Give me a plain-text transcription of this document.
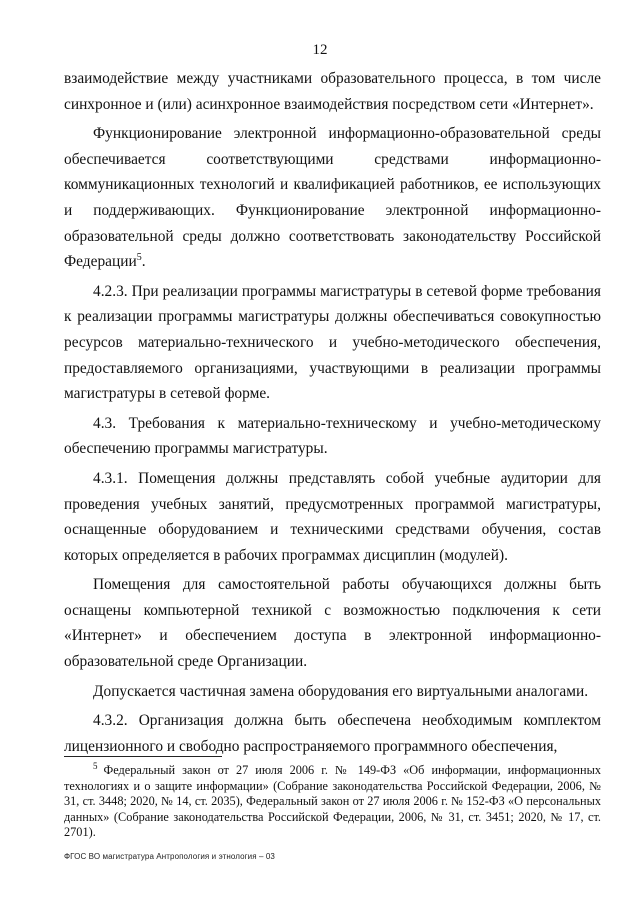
12

взаимодействие между участниками образовательного процесса, в том числе синхронное и (или) асинхронное взаимодействия посредством сети «Интернет».

Функционирование электронной информационно-образовательной среды обеспечивается соответствующими средствами информационно-коммуникационных технологий и квалификацией работников, ее использующих и поддерживающих. Функционирование электронной информационно-образовательной среды должно соответствовать законодательству Российской Федерации$^5$.

4.2.3. При реализации программы магистратуры в сетевой форме требования к реализации программы магистратуры должны обеспечиваться совокупностью ресурсов материально-технического и учебно-методического обеспечения, предоставляемого организациями, участвующими в реализации программы магистратуры в сетевой форме.

4.3. Требования к материально-техническому и учебно-методическому обеспечению программы магистратуры.

4.3.1. Помещения должны представлять собой учебные аудитории для проведения учебных занятий, предусмотренных программой магистратуры, оснащенные оборудованием и техническими средствами обучения, состав которых определяется в рабочих программах дисциплин (модулей).

Помещения для самостоятельной работы обучающихся должны быть оснащены компьютерной техникой с возможностью подключения к сети «Интернет» и обеспечением доступа в электронной информационно-образовательной среде Организации.

Допускается частичная замена оборудования его виртуальными аналогами.

4.3.2. Организация должна быть обеспечена необходимым комплектом лицензионного и свободно распространяемого программного обеспечения,

$^5$ Федеральный закон от 27 июля 2006 г. № 149-ФЗ «Об информации, информационных технологиях и о защите информации» (Собрание законодательства Российской Федерации, 2006, № 31, ст. 3448; 2020, № 14, ст. 2035), Федеральный закон от 27 июля 2006 г. № 152-ФЗ «О персональных данных» (Собрание законодательства Российской Федерации, 2006, № 31, ст. 3451; 2020, № 17, ст. 2701).

ФГОС ВО магистратура Антропология и этнология – 03
